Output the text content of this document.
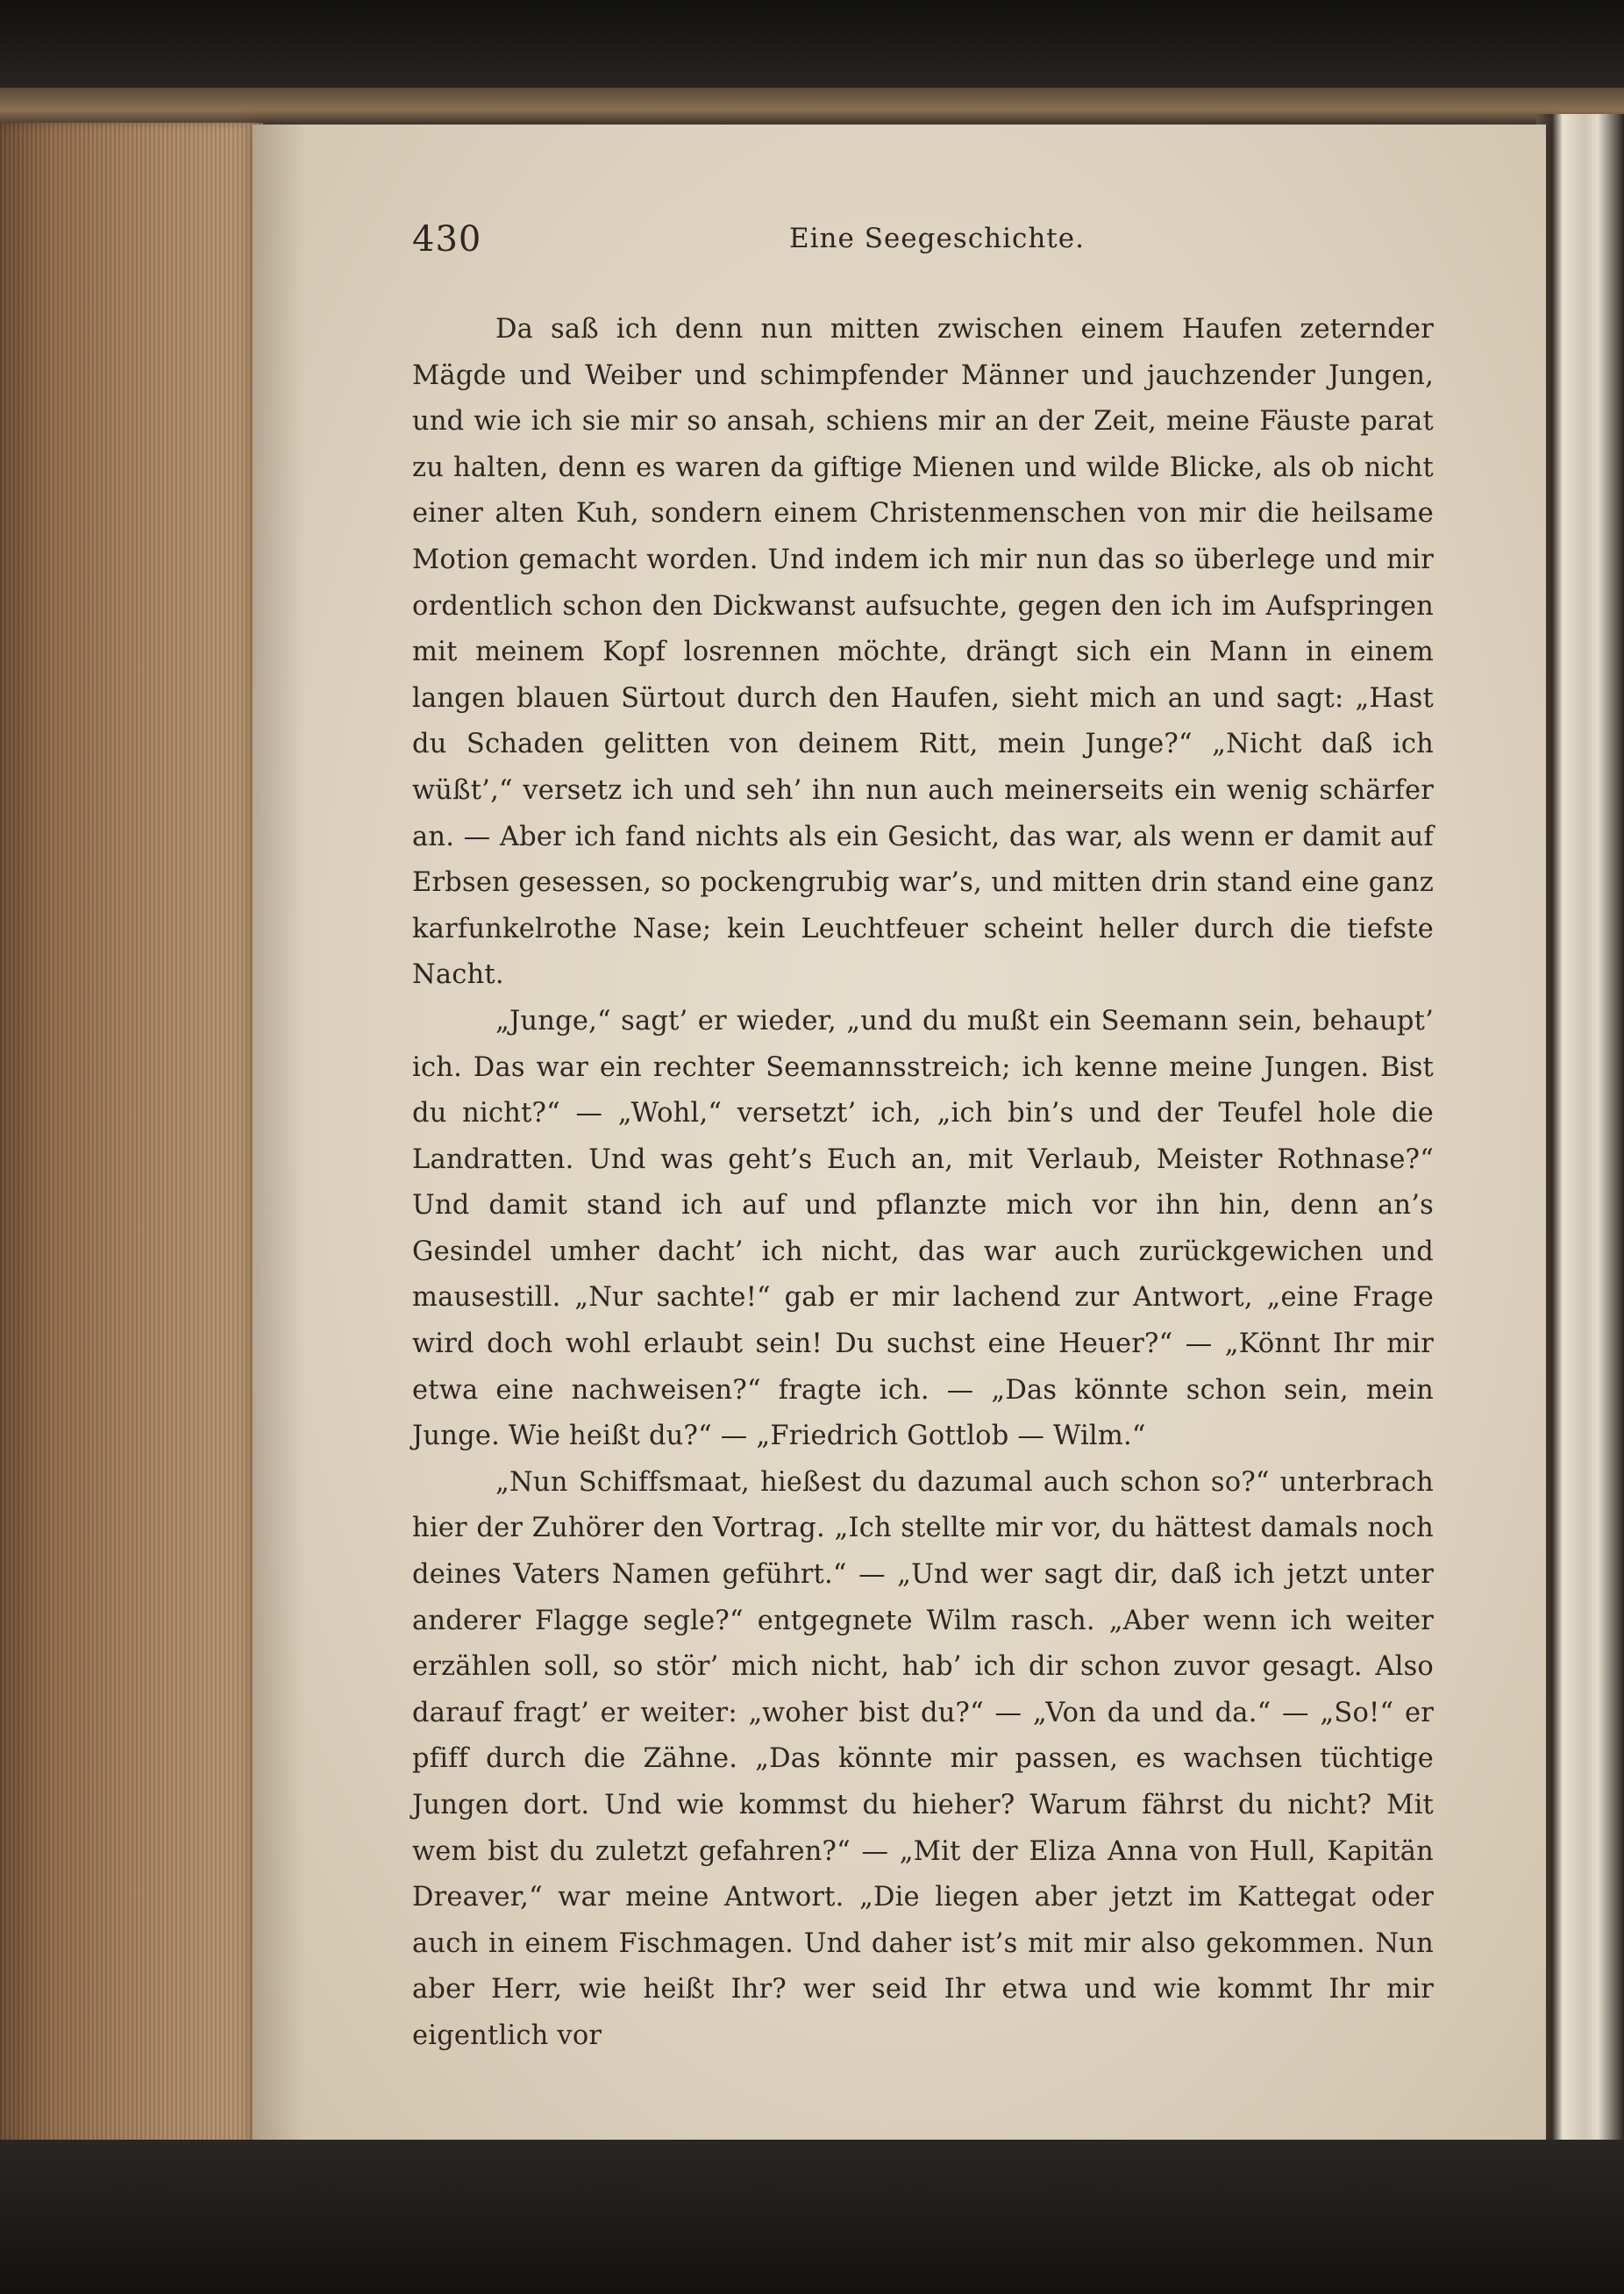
430	Eine Seegeschichte.

Da saß ich denn nun mitten zwischen einem Haufen zeternder Mägde und Weiber und schimpfender Männer und jauchzender Jungen, und wie ich sie mir so ansah, schiens mir an der Zeit, meine Fäuste parat zu halten, denn es waren da giftige Mienen und wilde Blicke, als ob nicht einer alten Kuh, sondern einem Christenmenschen von mir die heilsame Motion gemacht worden. Und indem ich mir nun das so überlege und mir ordentlich schon den Dickwanst aufsuchte, gegen den ich im Aufspringen mit meinem Kopf losrennen möchte, drängt sich ein Mann in einem langen blauen Sürtout durch den Haufen, sieht mich an und sagt: „Hast du Schaden gelitten von deinem Ritt, mein Junge?“ „Nicht daß ich wüßt’,“ versetz ich und seh’ ihn nun auch meinerseits ein wenig schärfer an. — Aber ich fand nichts als ein Gesicht, das war, als wenn er damit auf Erbsen gesessen, so pockengrubig war’s, und mitten drin stand eine ganz karfunkelrothe Nase; kein Leuchtfeuer scheint heller durch die tiefste Nacht.

„Junge,“ sagt’ er wieder, „und du mußt ein Seemann sein, behaupt’ ich. Das war ein rechter Seemannsstreich; ich kenne meine Jungen. Bist du nicht?“ — „Wohl,“ versetzt’ ich, „ich bin’s und der Teufel hole die Landratten. Und was geht’s Euch an, mit Verlaub, Meister Rothnase?“ Und damit stand ich auf und pflanzte mich vor ihn hin, denn an’s Gesindel umher dacht’ ich nicht, das war auch zurückgewichen und mausestill. „Nur sachte!“ gab er mir lachend zur Antwort, „eine Frage wird doch wohl erlaubt sein! Du suchst eine Heuer?“ — „Könnt Ihr mir etwa eine nachweisen?“ fragte ich. — „Das könnte schon sein, mein Junge. Wie heißt du?“ — „Friedrich Gottlob — Wilm.“

„Nun Schiffsmaat, hießest du dazumal auch schon so?“ unterbrach hier der Zuhörer den Vortrag. „Ich stellte mir vor, du hättest damals noch deines Vaters Namen geführt.“ — „Und wer sagt dir, daß ich jetzt unter anderer Flagge segle?“ entgegnete Wilm rasch. „Aber wenn ich weiter erzählen soll, so stör’ mich nicht, hab’ ich dir schon zuvor gesagt. Also darauf fragt’ er weiter: „woher bist du?“ — „Von da und da.“ — „So!“ er pfiff durch die Zähne. „Das könnte mir passen, es wachsen tüchtige Jungen dort. Und wie kommst du hieher? Warum fährst du nicht? Mit wem bist du zuletzt gefahren?“ — „Mit der Eliza Anna von Hull, Kapitän Dreaver,“ war meine Antwort. „Die liegen aber jetzt im Kattegat oder auch in einem Fischmagen. Und daher ist’s mit mir also gekommen. Nun aber Herr, wie heißt Ihr? wer seid Ihr etwa und wie kommt Ihr mir eigentlich vor
